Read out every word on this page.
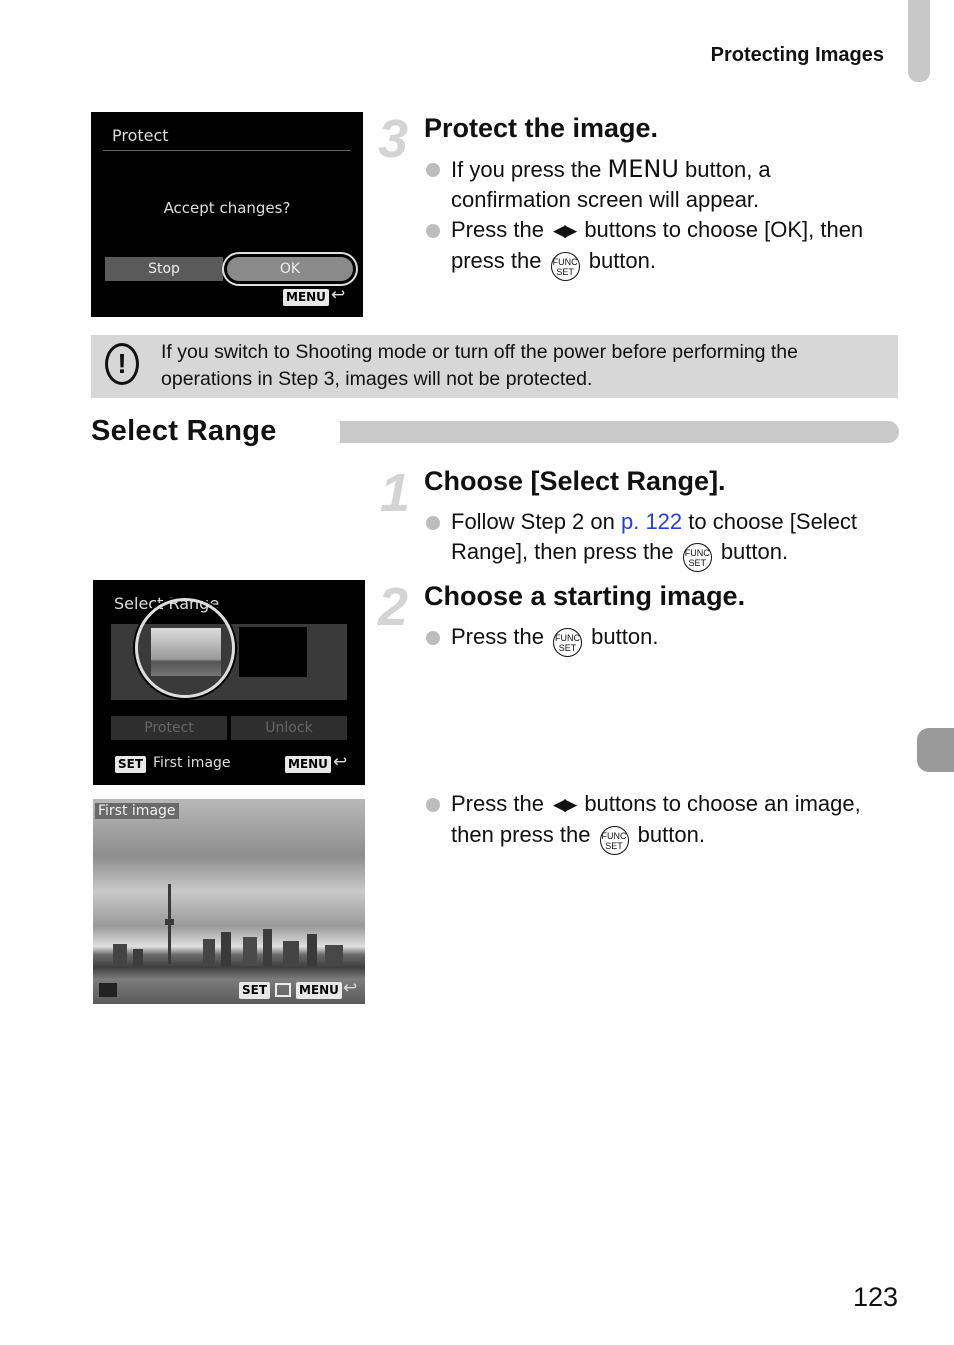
Protecting Images
Protect
Accept changes?
Stop	OK
MENU ↩
3 Protect the image.
If you press the MENU button, a confirmation screen will appear.
Press the ◀▶ buttons to choose [OK], then press the FUNC
SET button.
!	If you switch to Shooting mode or turn off the power before performing the operations in Step 3, images will not be protected.
Select Range
1 Choose [Select Range].
Follow Step 2 on p. 122 to choose [Select Range], then press the FUNC
SET button.
Select Range
Protect	Unlock
SET First image	MENU ↩
2 Choose a starting image.
Press the FUNC
SET button.
First image
SET	MENU ↩
Press the ◀▶ buttons to choose an image, then press the FUNC
SET button.
123
